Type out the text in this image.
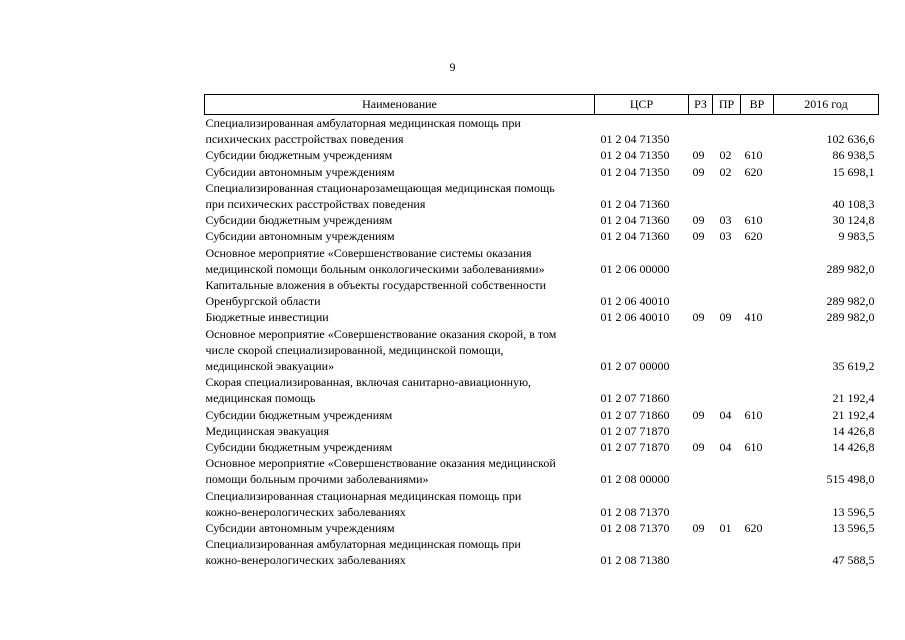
9
Наименование	ЦСР	РЗ	ПР	ВР	2016 год
Специализированная амбулаторная медицинская помощь при
психических расстройствах поведения	01 2 04 71350				102 636,6
Субсидии бюджетным учреждениям	01 2 04 71350	09	02	610	86 938,5
Субсидии автономным учреждениям	01 2 04 71350	09	02	620	15 698,1
Специализированная стационарозамещающая медицинская помощь
при психических расстройствах поведения	01 2 04 71360				40 108,3
Субсидии бюджетным учреждениям	01 2 04 71360	09	03	610	30 124,8
Субсидии автономным учреждениям	01 2 04 71360	09	03	620	9 983,5
Основное мероприятие «Совершенствование системы оказания
медицинской помощи больным онкологическими заболеваниями»	01 2 06 00000				289 982,0
Капитальные вложения в объекты государственной собственности
Оренбургской области	01 2 06 40010				289 982,0
Бюджетные инвестиции	01 2 06 40010	09	09	410	289 982,0
Основное мероприятие «Совершенствование оказания скорой, в том
числе скорой специализированной, медицинской помощи,
медицинской эвакуации»	01 2 07 00000				35 619,2
Скорая специализированная, включая санитарно-авиационную,
медицинская помощь	01 2 07 71860				21 192,4
Субсидии бюджетным учреждениям	01 2 07 71860	09	04	610	21 192,4
Медицинская эвакуация	01 2 07 71870				14 426,8
Субсидии бюджетным учреждениям	01 2 07 71870	09	04	610	14 426,8
Основное мероприятие «Совершенствование оказания медицинской
помощи больным прочими заболеваниями»	01 2 08 00000				515 498,0
Специализированная стационарная медицинская помощь при
кожно-венерологических заболеваниях	01 2 08 71370				13 596,5
Субсидии автономным учреждениям	01 2 08 71370	09	01	620	13 596,5
Специализированная амбулаторная медицинская помощь при
кожно-венерологических заболеваниях	01 2 08 71380				47 588,5
